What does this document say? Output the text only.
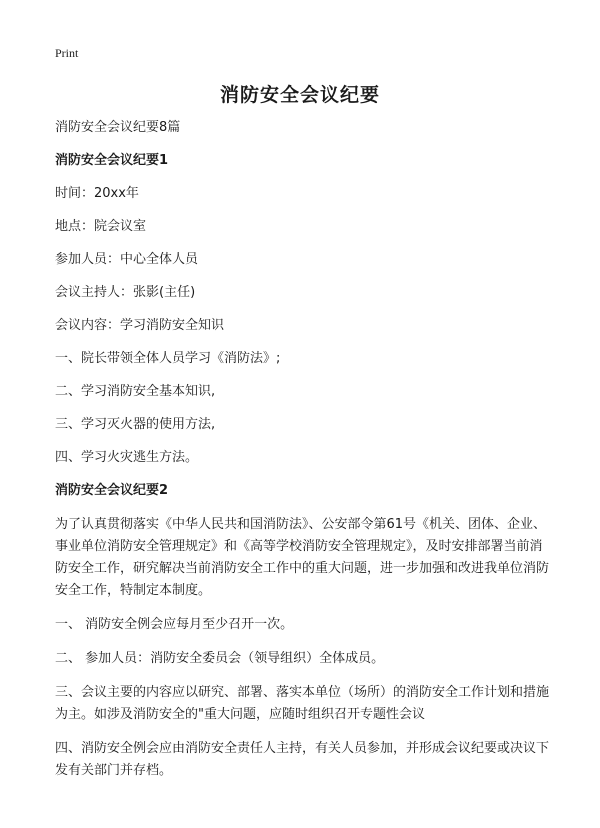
Print
消防安全会议纪要
消防安全会议纪要8篇
消防安全会议纪要1
时间：20xx年
地点：院会议室
参加人员：中心全体人员
会议主持人：张影(主任)
会议内容：学习消防安全知识
一、院长带领全体人员学习《消防法》;
二、学习消防安全基本知识,
三、学习灭火器的使用方法,
四、学习火灾逃生方法。
消防安全会议纪要2
为了认真贯彻落实《中华人民共和国消防法》、公安部令第61号《机关、团体、企业、事业单位消防安全管理规定》和《高等学校消防安全管理规定》，及时安排部署当前消防安全工作，研究解决当前消防安全工作中的重大问题，进一步加强和改进我单位消防安全工作，特制定本制度。
一、 消防安全例会应每月至少召开一次。
二、 参加人员：消防安全委员会（领导组织）全体成员。
三、会议主要的内容应以研究、部署、落实本单位（场所）的消防安全工作计划和措施为主。如涉及消防安全的"重大问题，应随时组织召开专题性会议
四、消防安全例会应由消防安全责任人主持，有关人员参加，并形成会议纪要或决议下发有关部门并存档。
